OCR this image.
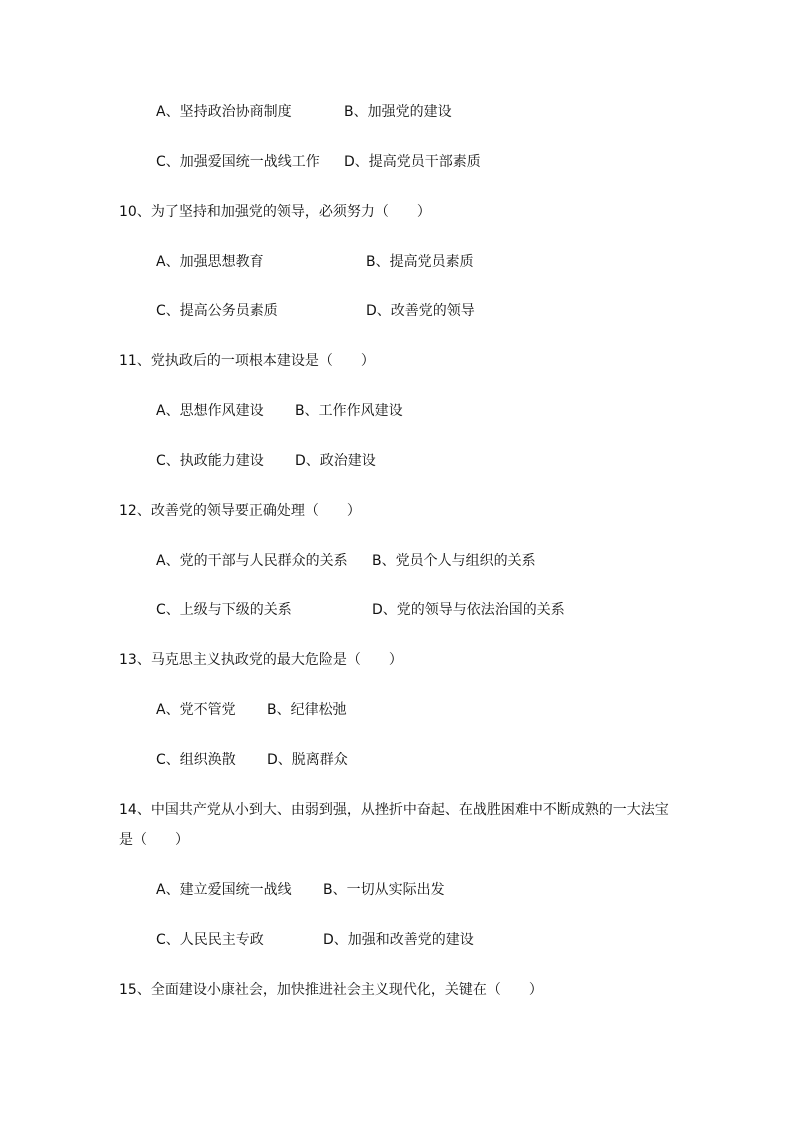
A、坚持政治协商制度	B、加强党的建设
C、加强爱国统一战线工作 D、提高党员干部素质
10、为了坚持和加强党的领导，必须努力（　　）
A、加强思想教育	B、提高党员素质
C、提高公务员素质	D、改善党的领导
11、党执政后的一项根本建设是（　　）
A、思想作风建设 B、工作作风建设
C、执政能力建设 D、政治建设
12、改善党的领导要正确处理（　　）
A、党的干部与人民群众的关系 B、党员个人与组织的关系
C、上级与下级的关系	D、党的领导与依法治国的关系
13、马克思主义执政党的最大危险是（　　）
A、党不管党 B、纪律松弛
C、组织涣散 D、脱离群众
14、中国共产党从小到大、由弱到强，从挫折中奋起、在战胜困难中不断成熟的一大法宝
是（　　）
A、建立爱国统一战线 B、一切从实际出发
C、人民民主专政	D、加强和改善党的建设
15、全面建设小康社会，加快推进社会主义现代化，关键在（　　）
